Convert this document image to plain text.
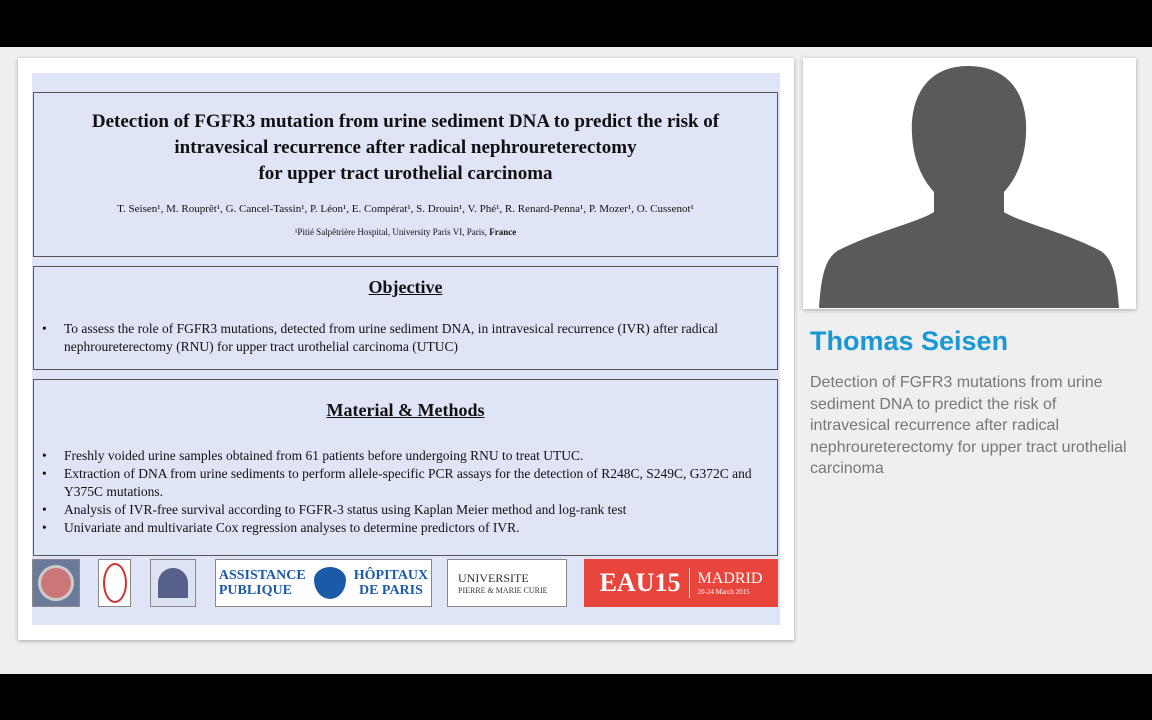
Detection of FGFR3 mutation from urine sediment DNA to predict the risk of
intravesical recurrence after radical nephroureterectomy
for upper tract urothelial carcinoma
T. Seisen¹, M. Rouprêt¹, G. Cancel-Tassin¹, P. Léon¹, E. Compérat¹, S. Drouin¹, V. Phé¹, R. Renard-Penna¹, P. Mozer¹, O. Cussenot¹
¹Pitié Salpêtrière Hospital, University Paris VI, Paris, France
Objective
• To assess the role of FGFR3 mutations, detected from urine sediment DNA, in intravesical recurrence (IVR) after radical nephroureterectomy (RNU) for upper tract urothelial carcinoma (UTUC)
Material & Methods
• Freshly voided urine samples obtained from 61 patients before undergoing RNU to treat UTUC.
• Extraction of DNA from urine sediments to perform allele-specific PCR assays for the detection of R248C, S249C, G372C and Y375C mutations.
• Analysis of IVR-free survival according to FGFR-3 status using Kaplan Meier method and log-rank test
• Univariate and multivariate Cox regression analyses to determine predictors of IVR.
ASSISTANCE
PUBLIQUE
HÔPITAUX
DE PARIS
UNIVERSITE
PIERRE & MARIE CURIE EAU15 MADRID
20-24 March 2015
Thomas Seisen
Detection of FGFR3 mutations from urine sediment DNA to predict the risk of intravesical recurrence after radical nephroureterectomy for upper tract urothelial carcinoma
